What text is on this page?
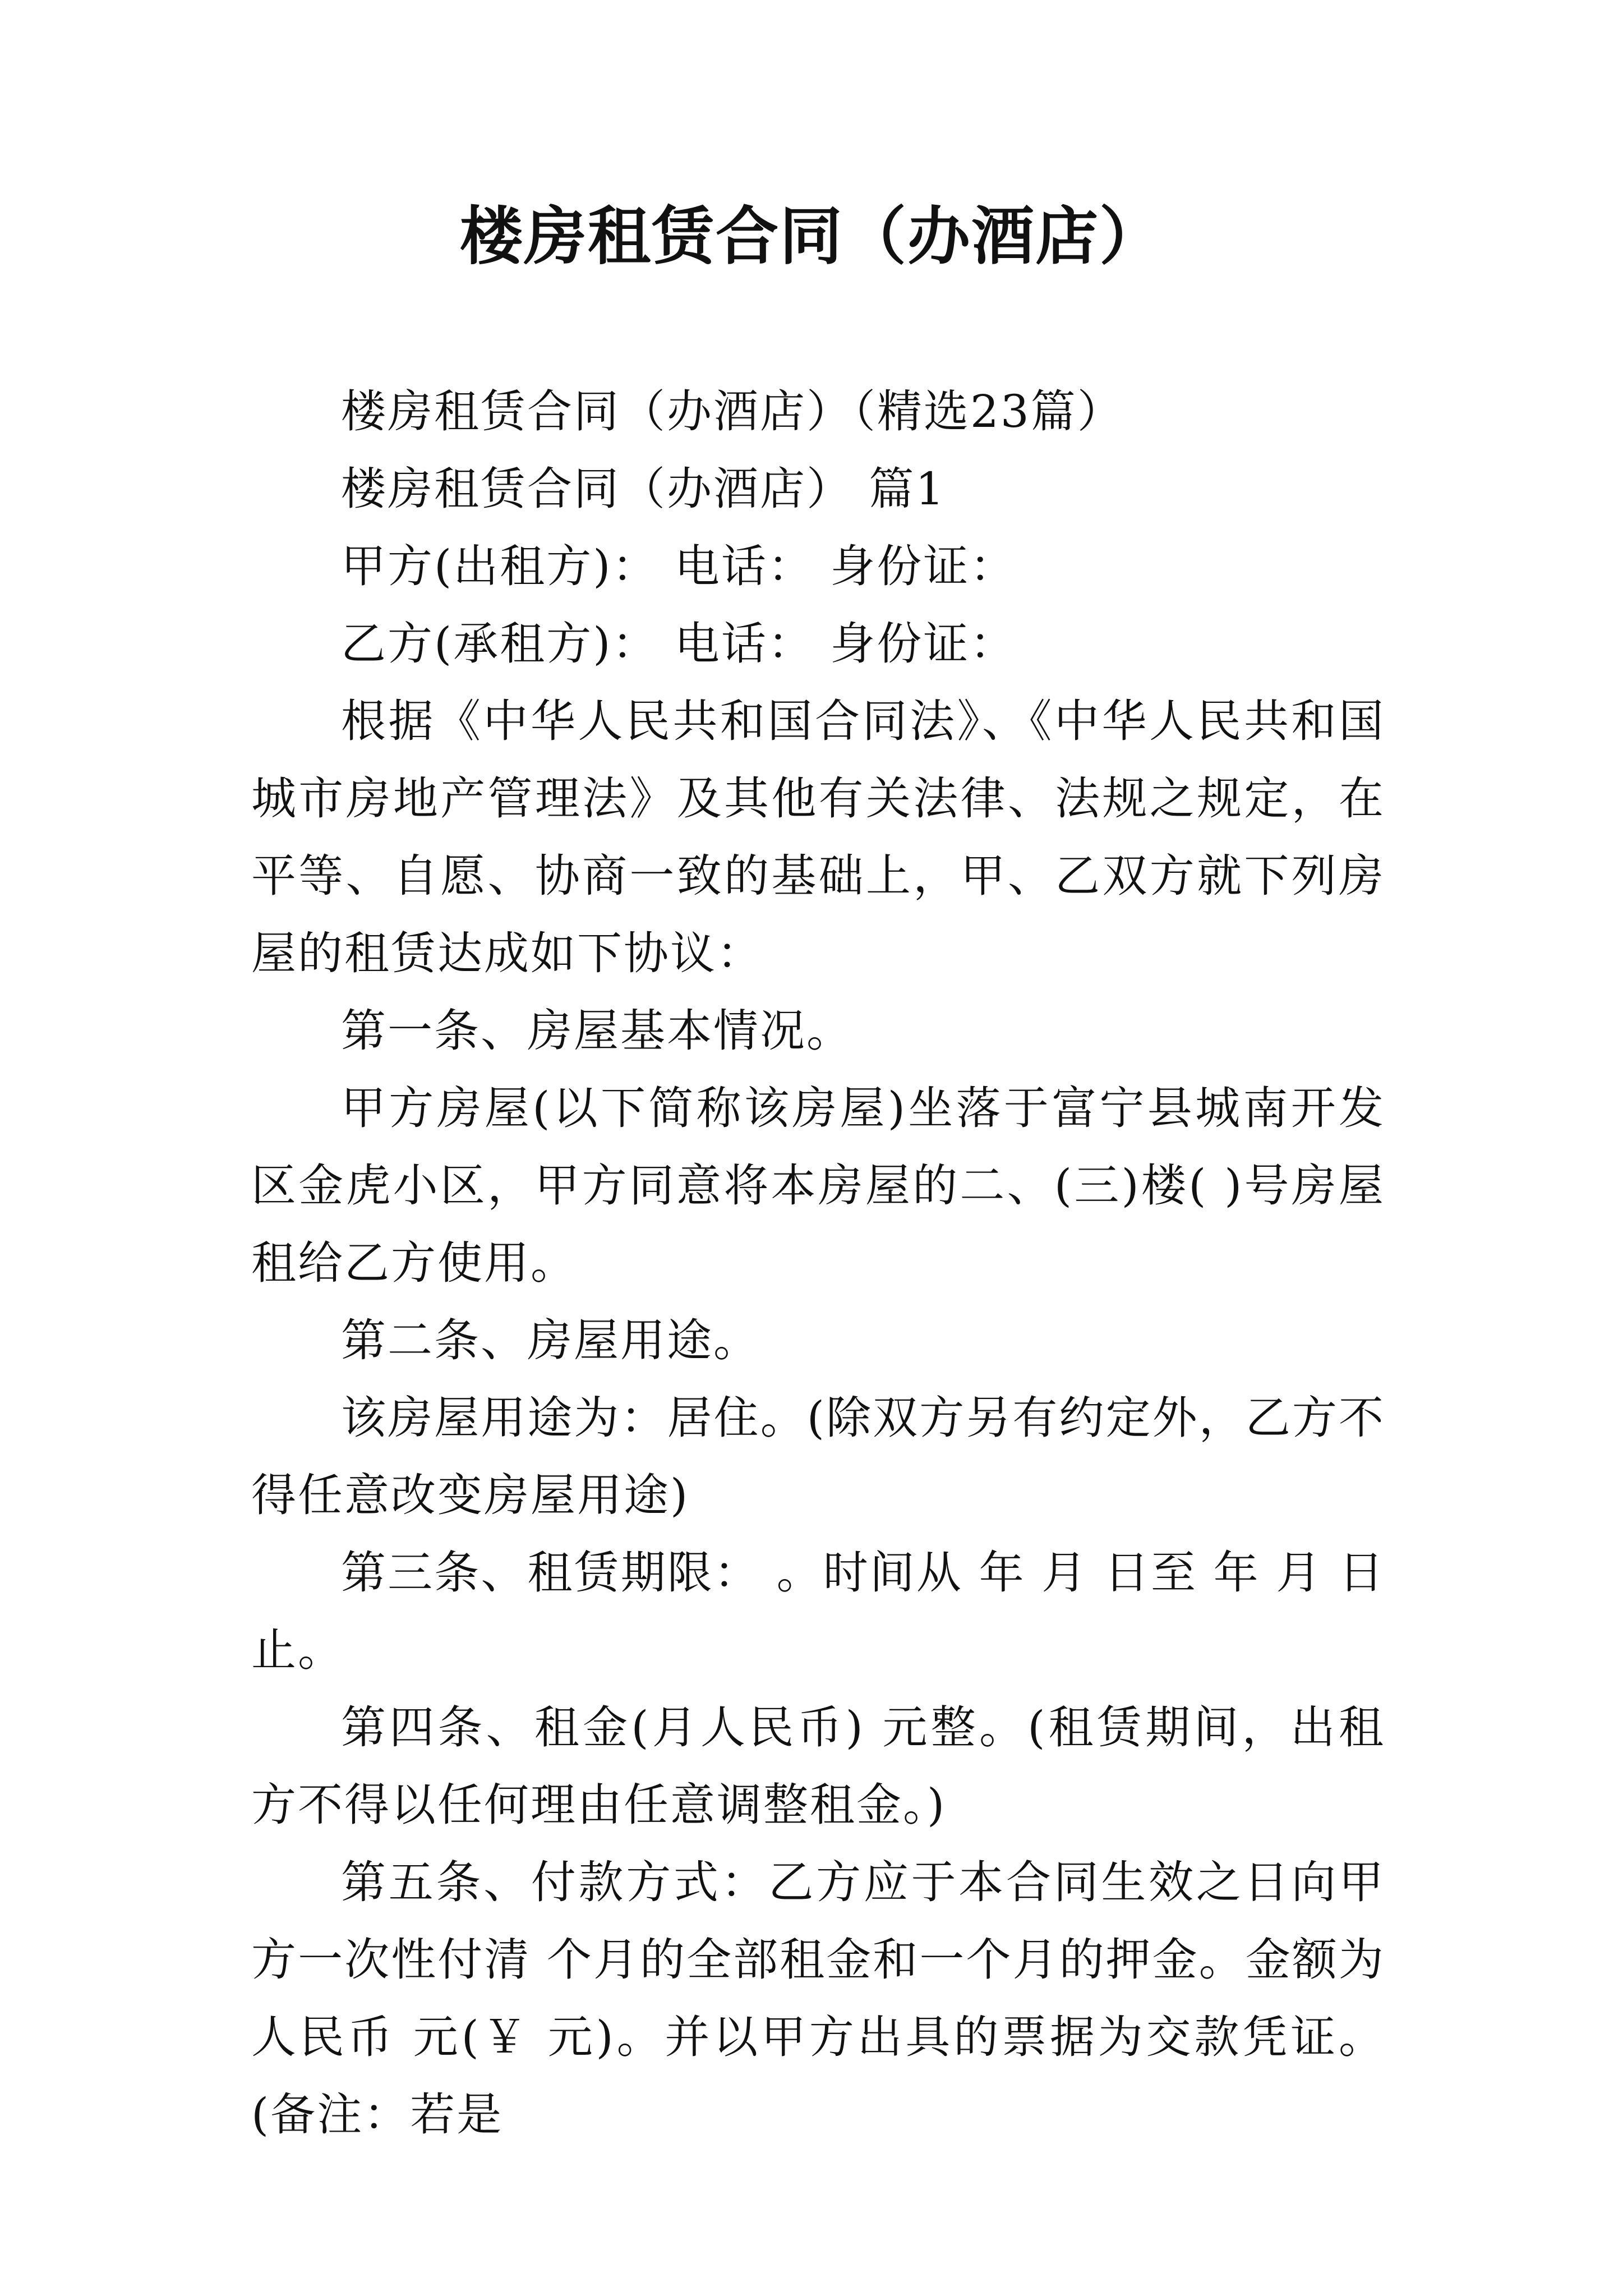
楼房租赁合同（办酒店）

楼房租赁合同（办酒店）（精选23篇）

楼房租赁合同（办酒店） 篇1

甲方(出租方)： 电话： 身份证：

乙方(承租方)： 电话： 身份证：

根据《中华人民共和国合同法》、《中华人民共和国城市房地产管理法》及其他有关法律、法规之规定，在平等、自愿、协商一致的基础上，甲、乙双方就下列房屋的租赁达成如下协议：

第一条、房屋基本情况。

甲方房屋(以下简称该房屋)坐落于富宁县城南开发区金虎小区，甲方同意将本房屋的二、(三)楼( )号房屋租给乙方使用。

第二条、房屋用途。

该房屋用途为：居住。(除双方另有约定外，乙方不得任意改变房屋用途)

第三条、租赁期限： 。时间从 年 月 日至 年 月 日止。

第四条、租金(月人民币) 元整。(租赁期间，出租方不得以任何理由任意调整租金。)

第五条、付款方式：乙方应于本合同生效之日向甲方一次性付清 个月的全部租金和一个月的押金。金额为人民币 元(￥ 元)。并以甲方出具的票据为交款凭证。(备注：若是
